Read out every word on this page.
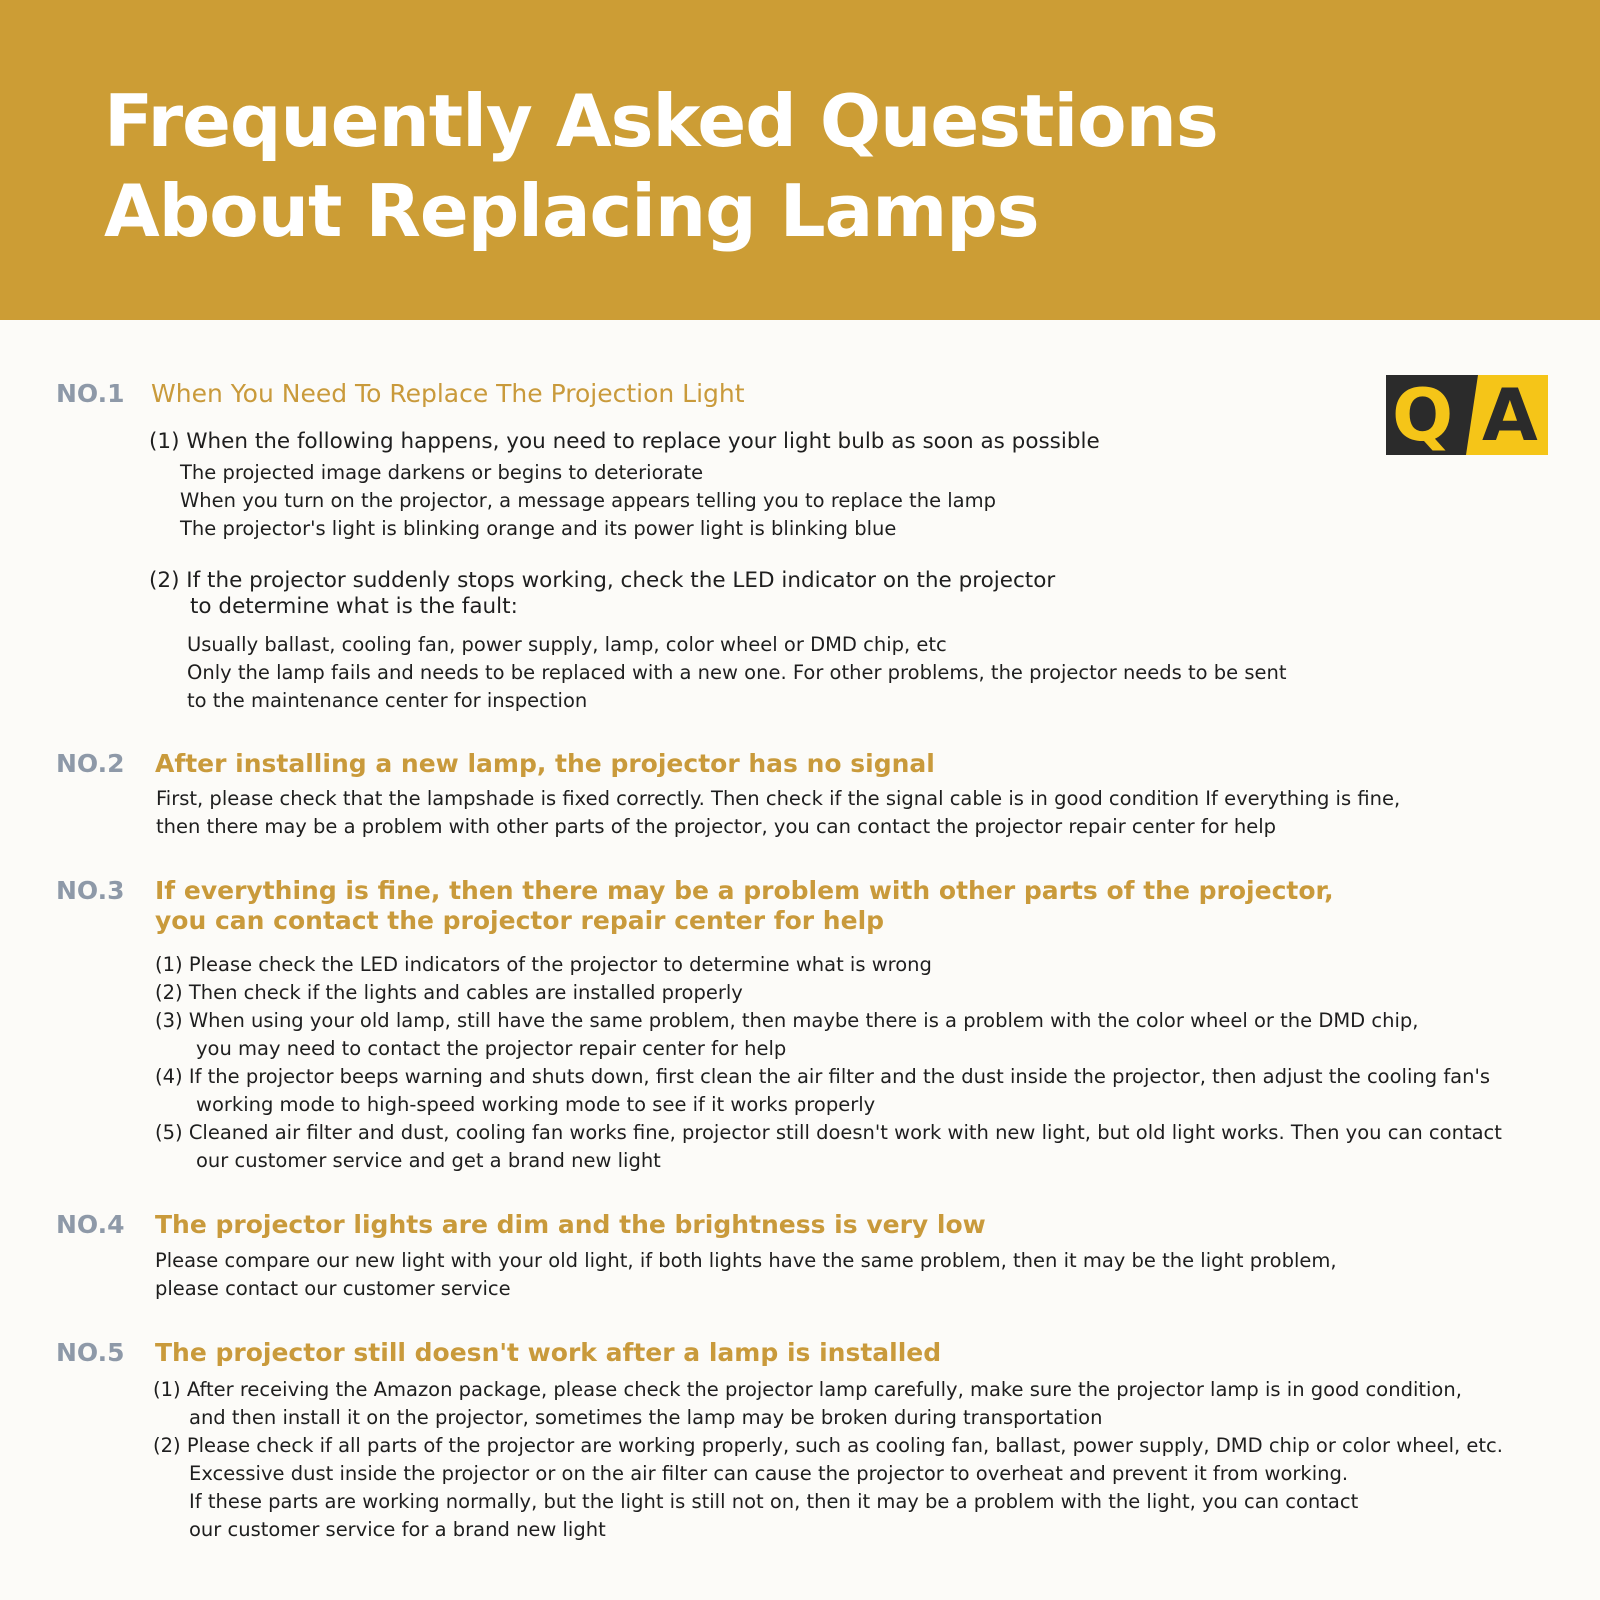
Frequently Asked Questions
About Replacing Lamps
Q A
NO.1 When You Need To Replace The Projection Light
(1) When the following happens, you need to replace your light bulb as soon as possible
The projected image darkens or begins to deteriorate
When you turn on the projector, a message appears telling you to replace the lamp
The projector's light is blinking orange and its power light is blinking blue
(2) If the projector suddenly stops working, check the LED indicator on the projector
to determine what is the fault:
Usually ballast, cooling fan, power supply, lamp, color wheel or DMD chip, etc
Only the lamp fails and needs to be replaced with a new one. For other problems, the projector needs to be sent
to the maintenance center for inspection
NO.2 After installing a new lamp, the projector has no signal
First, please check that the lampshade is fixed correctly. Then check if the signal cable is in good condition If everything is fine,
then there may be a problem with other parts of the projector, you can contact the projector repair center for help
NO.3 If everything is fine, then there may be a problem with other parts of the projector,
you can contact the projector repair center for help
(1) Please check the LED indicators of the projector to determine what is wrong
(2) Then check if the lights and cables are installed properly
(3) When using your old lamp, still have the same problem, then maybe there is a problem with the color wheel or the DMD chip,
you may need to contact the projector repair center for help
(4) If the projector beeps warning and shuts down, first clean the air filter and the dust inside the projector, then adjust the cooling fan's
working mode to high-speed working mode to see if it works properly
(5) Cleaned air filter and dust, cooling fan works fine, projector still doesn't work with new light, but old light works. Then you can contact
our customer service and get a brand new light
NO.4 The projector lights are dim and the brightness is very low
Please compare our new light with your old light, if both lights have the same problem, then it may be the light problem,
please contact our customer service
NO.5 The projector still doesn't work after a lamp is installed
(1) After receiving the Amazon package, please check the projector lamp carefully, make sure the projector lamp is in good condition,
and then install it on the projector, sometimes the lamp may be broken during transportation
(2) Please check if all parts of the projector are working properly, such as cooling fan, ballast, power supply, DMD chip or color wheel, etc.
Excessive dust inside the projector or on the air filter can cause the projector to overheat and prevent it from working.
If these parts are working normally, but the light is still not on, then it may be a problem with the light, you can contact
our customer service for a brand new light
